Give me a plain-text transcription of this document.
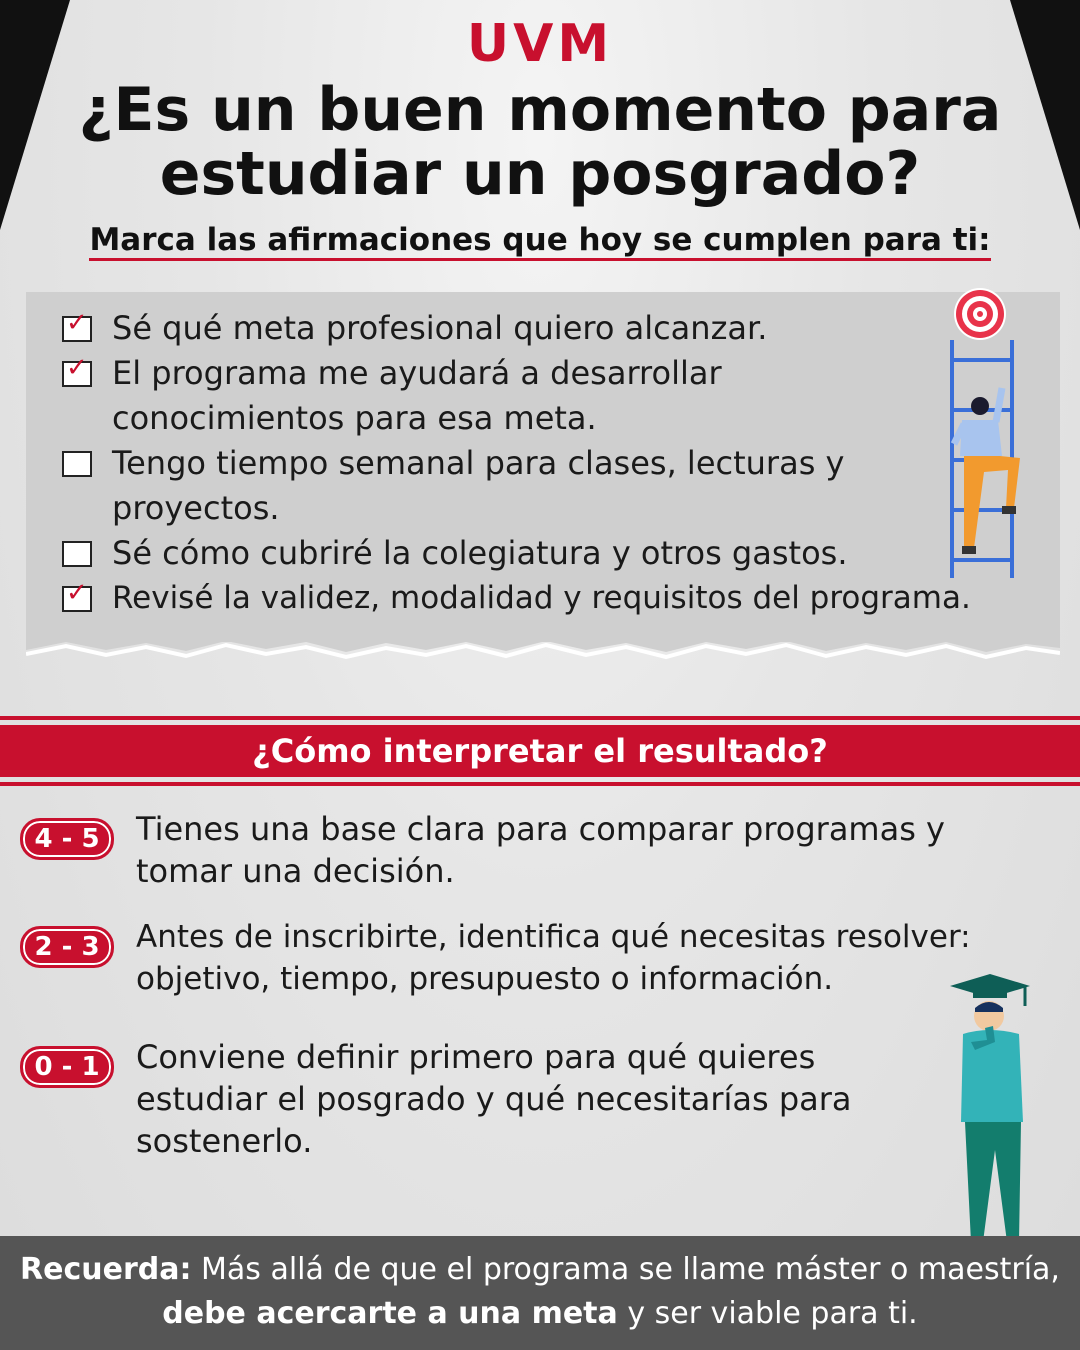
UVM
¿Es un buen momento para estudiar un posgrado?
Marca las afirmaciones que hoy se cumplen para ti:
✓ Sé qué meta profesional quiero alcanzar.
✓ El programa me ayudará a desarrollar conocimientos para esa meta.
Tengo tiempo semanal para clases, lecturas y proyectos.
Sé cómo cubriré la colegiatura y otros gastos.
✓ Revisé la validez, modalidad y requisitos del programa.
¿Cómo interpretar el resultado?
4 - 5	Tienes una base clara para comparar programas y tomar una decisión.
2 - 3	Antes de inscribirte, identifica qué necesitas resolver: objetivo, tiempo, presupuesto o información.
0 - 1	Conviene definir primero para qué quieres estudiar el posgrado y qué necesitarías para sostenerlo.
Recuerda: Más allá de que el programa se llame máster o maestría, debe acercarte a una meta y ser viable para ti.
